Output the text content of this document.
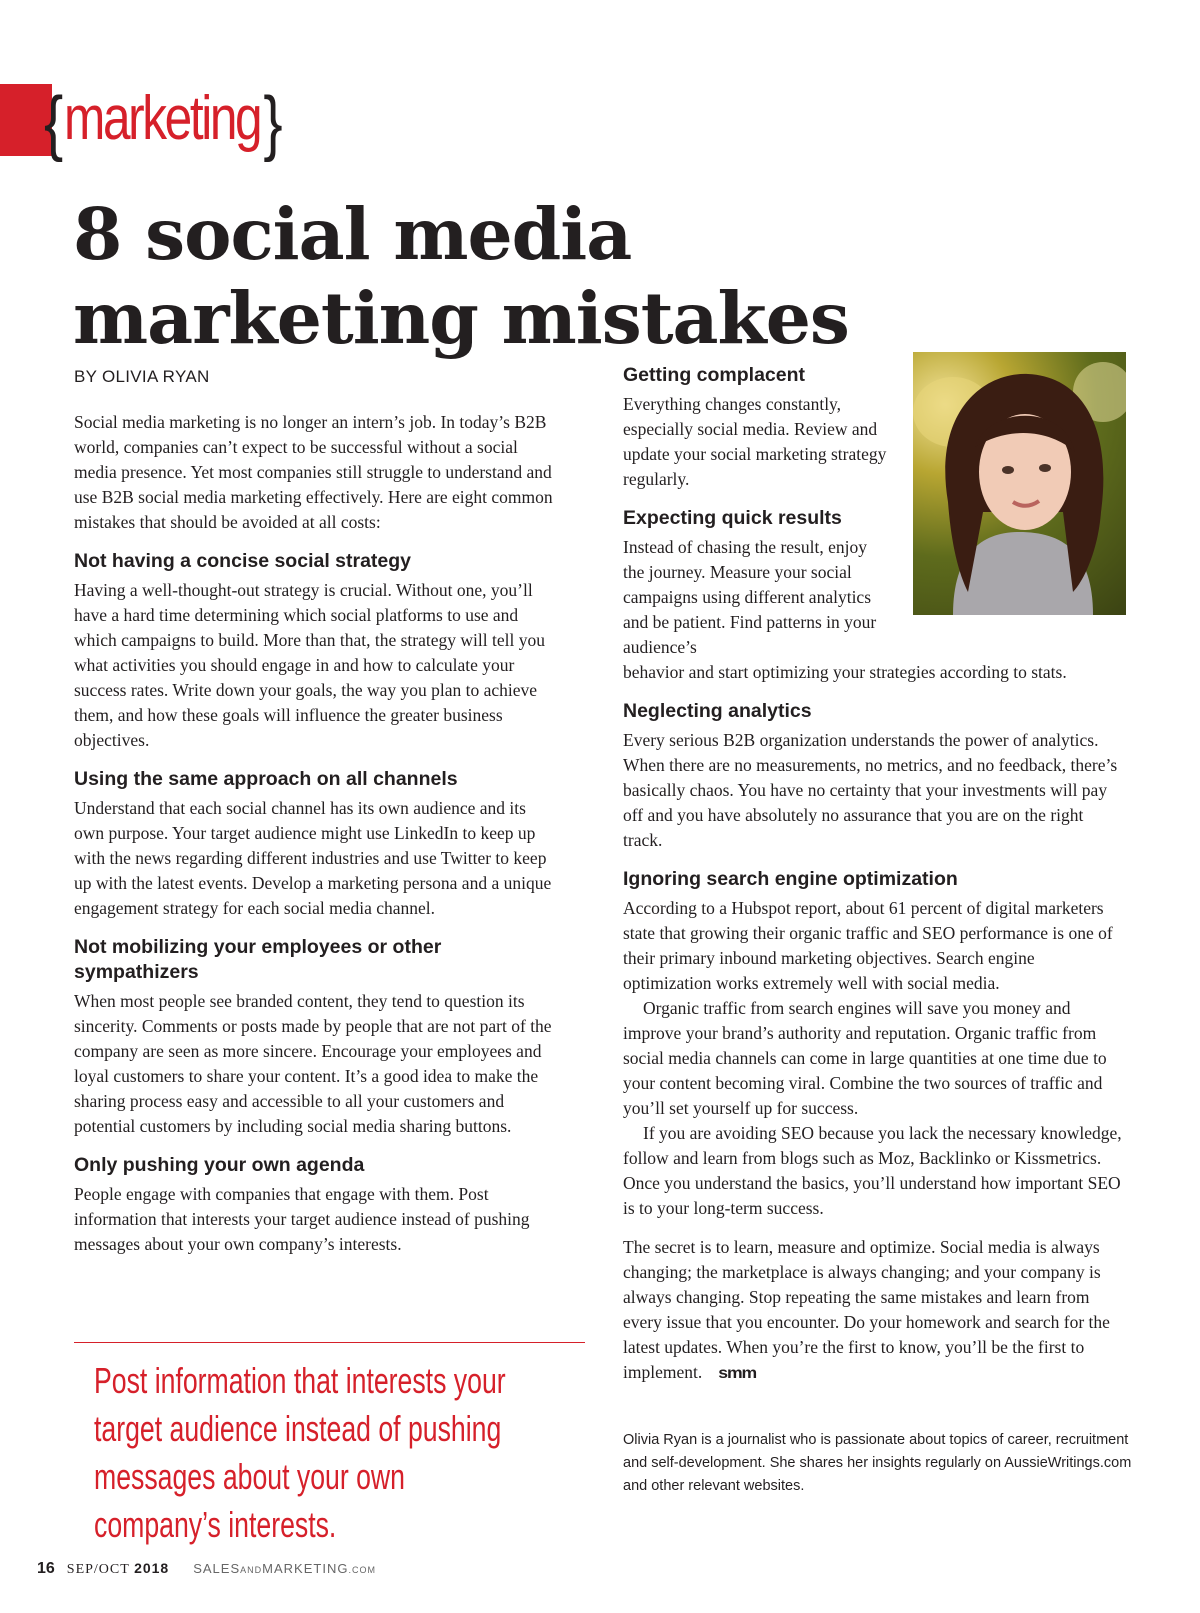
{ marketing }
8 social media
marketing mistakes
BY OLIVIA RYAN

Social media marketing is no longer an intern’s job. In today’s B2B world, companies can’t expect to be successful without a social media presence. Yet most companies still struggle to understand and use B2B social media marketing effectively. Here are eight common mistakes that should be avoided at all costs:

Not having a concise social strategy

Having a well-thought-out strategy is crucial. Without one, you’ll have a hard time determining which social platforms to use and which campaigns to build. More than that, the strategy will tell you what activities you should engage in and how to calculate your success rates. Write down your goals, the way you plan to achieve them, and how these goals will influence the greater business objectives.

Using the same approach on all channels

Understand that each social channel has its own audience and its own purpose. Your target audience might use LinkedIn to keep up with the news regarding different industries and use Twitter to keep up with the latest events. Develop a marketing persona and a unique engagement strategy for each social media channel.

Not mobilizing your employees or other sympathizers

When most people see branded content, they tend to question its sincerity. Comments or posts made by people that are not part of the company are seen as more sincere. Encourage your employees and loyal customers to share your content. It’s a good idea to make the sharing process easy and accessible to all your customers and potential customers by including social media sharing buttons.

Only pushing your own agenda

People engage with companies that engage with them. Post information that interests your target audience instead of pushing messages about your own company’s interests.

Getting complacent

Everything changes constantly, especially social media. Review and update your social marketing strategy regularly.

Expecting quick results

Instead of chasing the result, enjoy the journey. Measure your social campaigns using different analytics and be patient. Find patterns in your audience’s

behavior and start optimizing your strategies according to stats.

Neglecting analytics

Every serious B2B organization understands the power of analytics. When there are no measurements, no metrics, and no feedback, there’s basically chaos. You have no certainty that your investments will pay off and you have absolutely no assurance that you are on the right track.

Ignoring search engine optimization

According to a Hubspot report, about 61 percent of digital marketers state that growing their organic traffic and SEO performance is one of their primary inbound marketing objectives. Search engine optimization works extremely well with social media.

Organic traffic from search engines will save you money and improve your brand’s authority and reputation. Organic traffic from social media channels can come in large quantities at one time due to your content becoming viral. Combine the two sources of traffic and you’ll set yourself up for success.

If you are avoiding SEO because you lack the necessary knowledge, follow and learn from blogs such as Moz, Backlinko or Kissmetrics. Once you understand the basics, you’ll understand how important SEO is to your long-term success.

The secret is to learn, measure and optimize. Social media is always changing; the marketplace is always changing; and your company is always changing. Stop repeating the same mistakes and learn from every issue that you encounter. Do your homework and search for the latest updates. When you’re the first to know, you’ll be the first to implement. smm

Post information that interests your target audience instead of pushing messages about your own company’s interests.
Olivia Ryan is a journalist who is passionate about topics of career, recruitment and self-development. She shares her insights regularly on AussieWritings.com and other relevant websites.
16 SEP/OCT 2018 SALESANDMARKETING.COM
